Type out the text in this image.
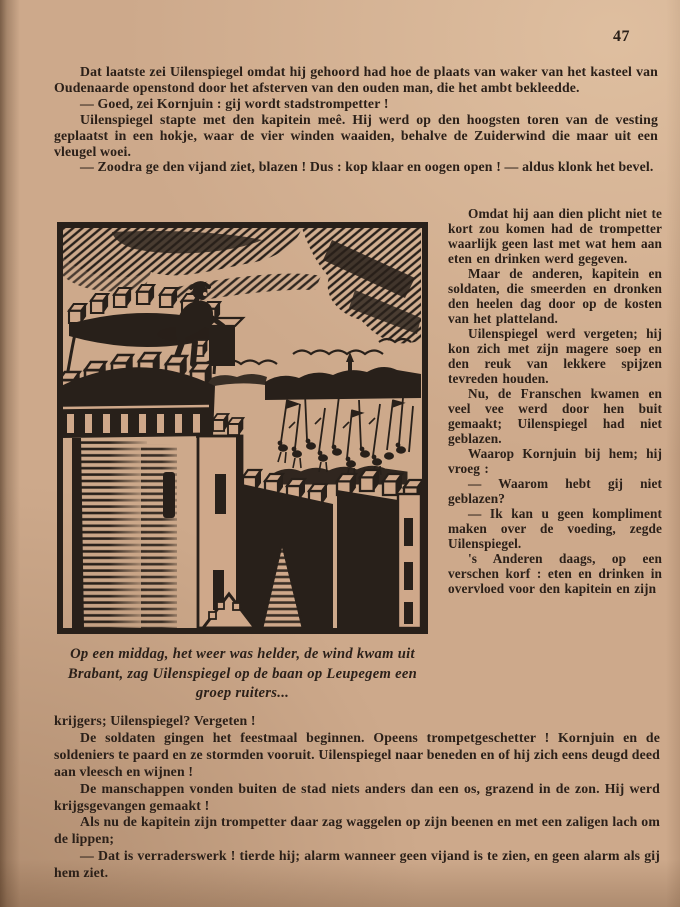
47

Dat laatste zei Uilenspiegel omdat hij gehoord had hoe de plaats van waker van het kasteel van Oudenaarde openstond door het afsterven van den ouden man, die het ambt bekleedde.

— Goed, zei Kornjuin : gij wordt stadstrompetter !

Uilenspiegel stapte met den kapitein meê. Hij werd op den hoogsten toren van de vesting geplaatst in een hokje, waar de vier winden waaiden, behalve de Zuiderwind die maar uit een vleugel woei.

— Zoodra ge den vijand ziet, blazen ! Dus : kop klaar en oogen open ! — aldus klonk het bevel.

Op een middag, het weer was helder, de wind kwam uit Brabant, zag Uilenspiegel op de baan op Leupegem een groep ruiters...

Omdat hij aan dien plicht niet te kort zou komen had de trompetter waarlijk geen last met wat hem aan eten en drinken werd gegeven.

Maar de anderen, kapitein en soldaten, die smeerden en dronken den heelen dag door op de kosten van het platteland.

Uilenspiegel werd vergeten; hij kon zich met zijn magere soep en den reuk van lekkere spijzen tevreden houden.

Nu, de Franschen kwamen en veel vee werd door hen buit gemaakt; Uilenspiegel had niet geblazen.

Waarop Kornjuin bij hem; hij vroeg :

— Waarom hebt gij niet geblazen?

— Ik kan u geen kompliment maken over de voeding, zegde Uilenspiegel.

's Anderen daags, op een verschen korf : eten en drinken in overvloed voor den kapitein en zijn

krijgers; Uilenspiegel? Vergeten !

De soldaten gingen het feestmaal beginnen. Opeens trompetgeschetter ! Kornjuin en de soldeniers te paard en ze stormden vooruit. Uilenspiegel naar beneden en of hij zich eens deugd deed aan vleesch en wijnen !

De manschappen vonden buiten de stad niets anders dan een os, grazend in de zon. Hij werd krijgsgevangen gemaakt !

Als nu de kapitein zijn trompetter daar zag waggelen op zijn beenen en met een zaligen lach om de lippen;

— Dat is verraderswerk ! tierde hij; alarm wanneer geen vijand is te zien, en geen alarm als gij hem ziet.
